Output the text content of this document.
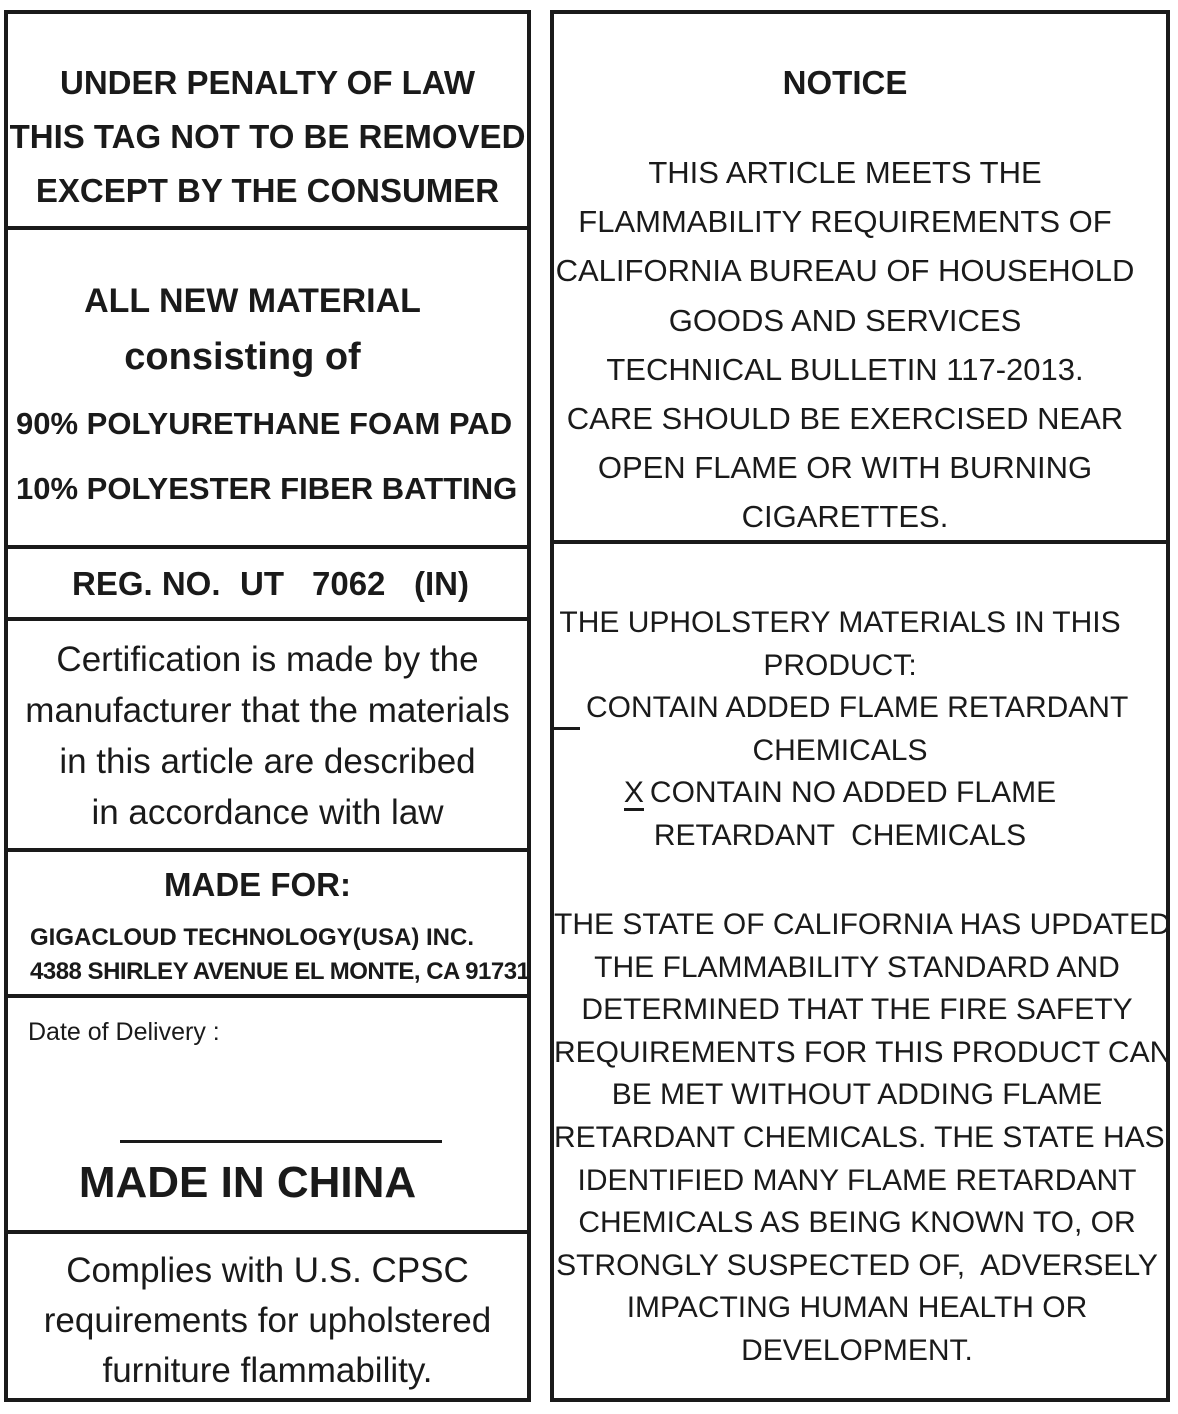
UNDER PENALTY OF LAW
THIS TAG NOT TO BE REMOVED
EXCEPT BY THE CONSUMER
ALL NEW MATERIAL
consisting of
90% POLYURETHANE FOAM PAD
10% POLYESTER FIBER BATTING
REG. NO. UT 7062 (IN)
Certification is made by the
manufacturer that the materials
in this article are described
in accordance with law
MADE FOR:
GIGACLOUD TECHNOLOGY(USA) INC.
4388 SHIRLEY AVENUE EL MONTE, CA 91731
Date of Delivery :
MADE IN CHINA
Complies with U.S. CPSC
requirements for upholstered
furniture flammability.
NOTICE
THIS ARTICLE MEETS THE
FLAMMABILITY REQUIREMENTS OF
CALIFORNIA BUREAU OF HOUSEHOLD
GOODS AND SERVICES
TECHNICAL BULLETIN 117-2013.
CARE SHOULD BE EXERCISED NEAR
OPEN FLAME OR WITH BURNING
CIGARETTES.
THE UPHOLSTERY MATERIALS IN THIS
PRODUCT:
CONTAIN ADDED FLAME RETARDANT
CHEMICALS
X CONTAIN NO ADDED FLAME
RETARDANT  CHEMICALS
THE STATE OF CALIFORNIA HAS UPDATED
THE FLAMMABILITY STANDARD AND
DETERMINED THAT THE FIRE SAFETY
REQUIREMENTS FOR THIS PRODUCT CAN
BE MET WITHOUT ADDING FLAME
RETARDANT CHEMICALS. THE STATE HAS
IDENTIFIED MANY FLAME RETARDANT
CHEMICALS AS BEING KNOWN TO, OR
STRONGLY SUSPECTED OF,  ADVERSELY
IMPACTING HUMAN HEALTH OR
DEVELOPMENT.
